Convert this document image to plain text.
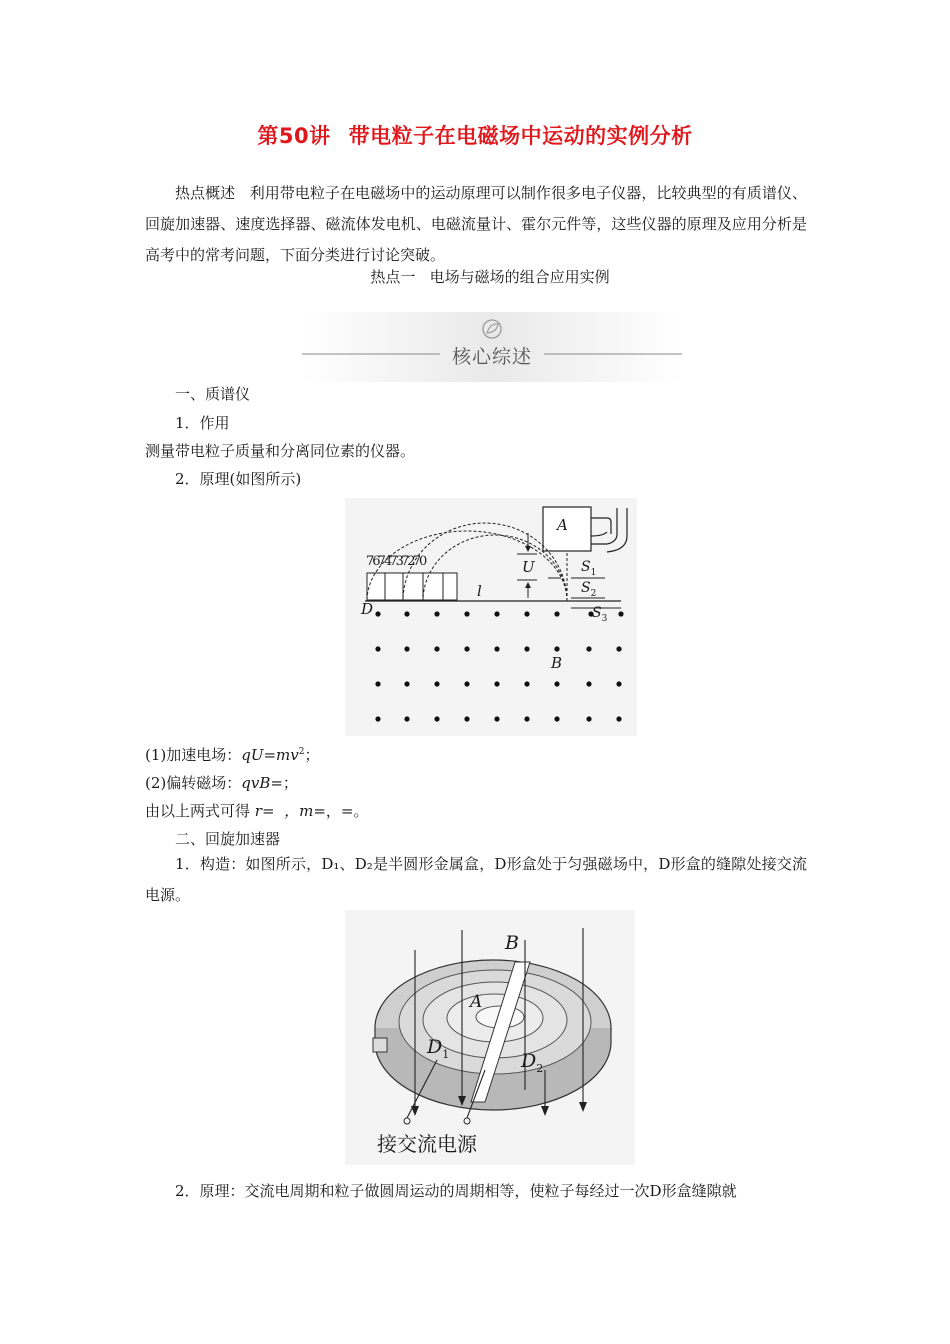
第50讲 带电粒子在电磁场中运动的实例分析
热点概述 利用带电粒子在电磁场中的运动原理可以制作很多电子仪器，比较典型的有质谱仪、回旋加速器、速度选择器、磁流体发电机、电磁流量计、霍尔元件等，这些仪器的原理及应用分析是高考中的常考问题，下面分类进行讨论突破。
热点一 电场与磁场的组合应用实例
核心综述
一、质谱仪
1．作用
测量带电粒子质量和分离同位素的仪器。
2．原理(如图所示)
A
U
76 74 73 72 70
l
D
B
$S_1$
$S_2$
$S_3$
(1)加速电场：$qU=mv^2$；
(2)偏转磁场：qvB=；
由以上两式可得 r= ，m=，=。
二、回旋加速器
1．构造：如图所示，D₁、D₂是半圆形金属盒，D形盒处于匀强磁场中，D形盒的缝隙处接交流电源。
B
A
$D_1$	$D_2$
接交流电源
2．原理：交流电周期和粒子做圆周运动的周期相等，使粒子每经过一次D形盒缝隙就
